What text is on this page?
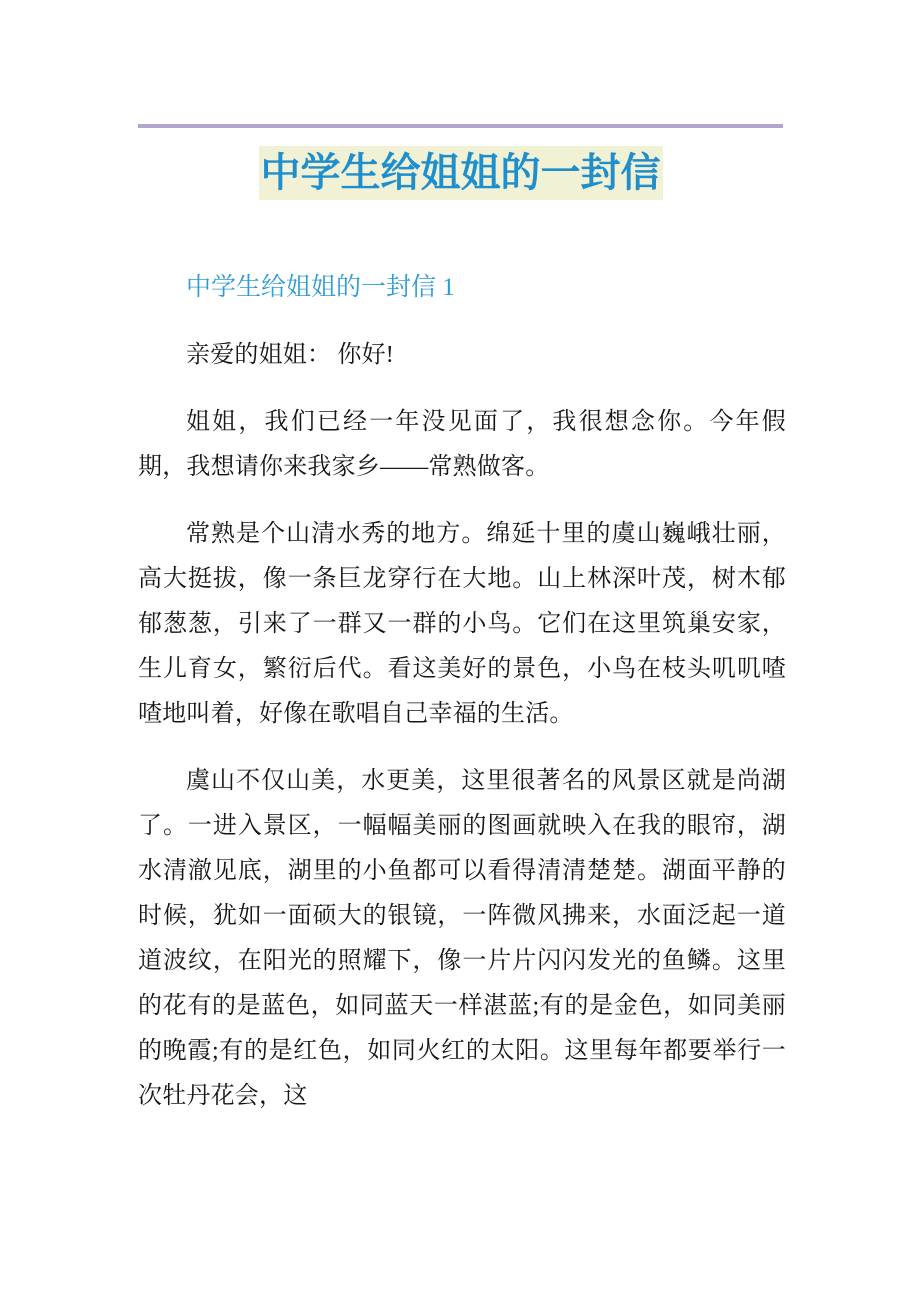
中学生给姐姐的一封信
中学生给姐姐的一封信 1

亲爱的姐姐： 你好!

姐姐，我们已经一年没见面了，我很想念你。今年假期，我想请你来我家乡——常熟做客。

常熟是个山清水秀的地方。绵延十里的虞山巍峨壮丽，高大挺拔，像一条巨龙穿行在大地。山上林深叶茂，树木郁郁葱葱，引来了一群又一群的小鸟。它们在这里筑巢安家，生儿育女，繁衍后代。看这美好的景色，小鸟在枝头叽叽喳喳地叫着，好像在歌唱自己幸福的生活。

虞山不仅山美，水更美，这里很著名的风景区就是尚湖了。一进入景区，一幅幅美丽的图画就映入在我的眼帘，湖水清澈见底，湖里的小鱼都可以看得清清楚楚。湖面平静的时候，犹如一面硕大的银镜，一阵微风拂来，水面泛起一道道波纹，在阳光的照耀下，像一片片闪闪发光的鱼鳞。这里的花有的是蓝色，如同蓝天一样湛蓝;有的是金色，如同美丽的晚霞;有的是红色，如同火红的太阳。这里每年都要举行一次牡丹花会，这
